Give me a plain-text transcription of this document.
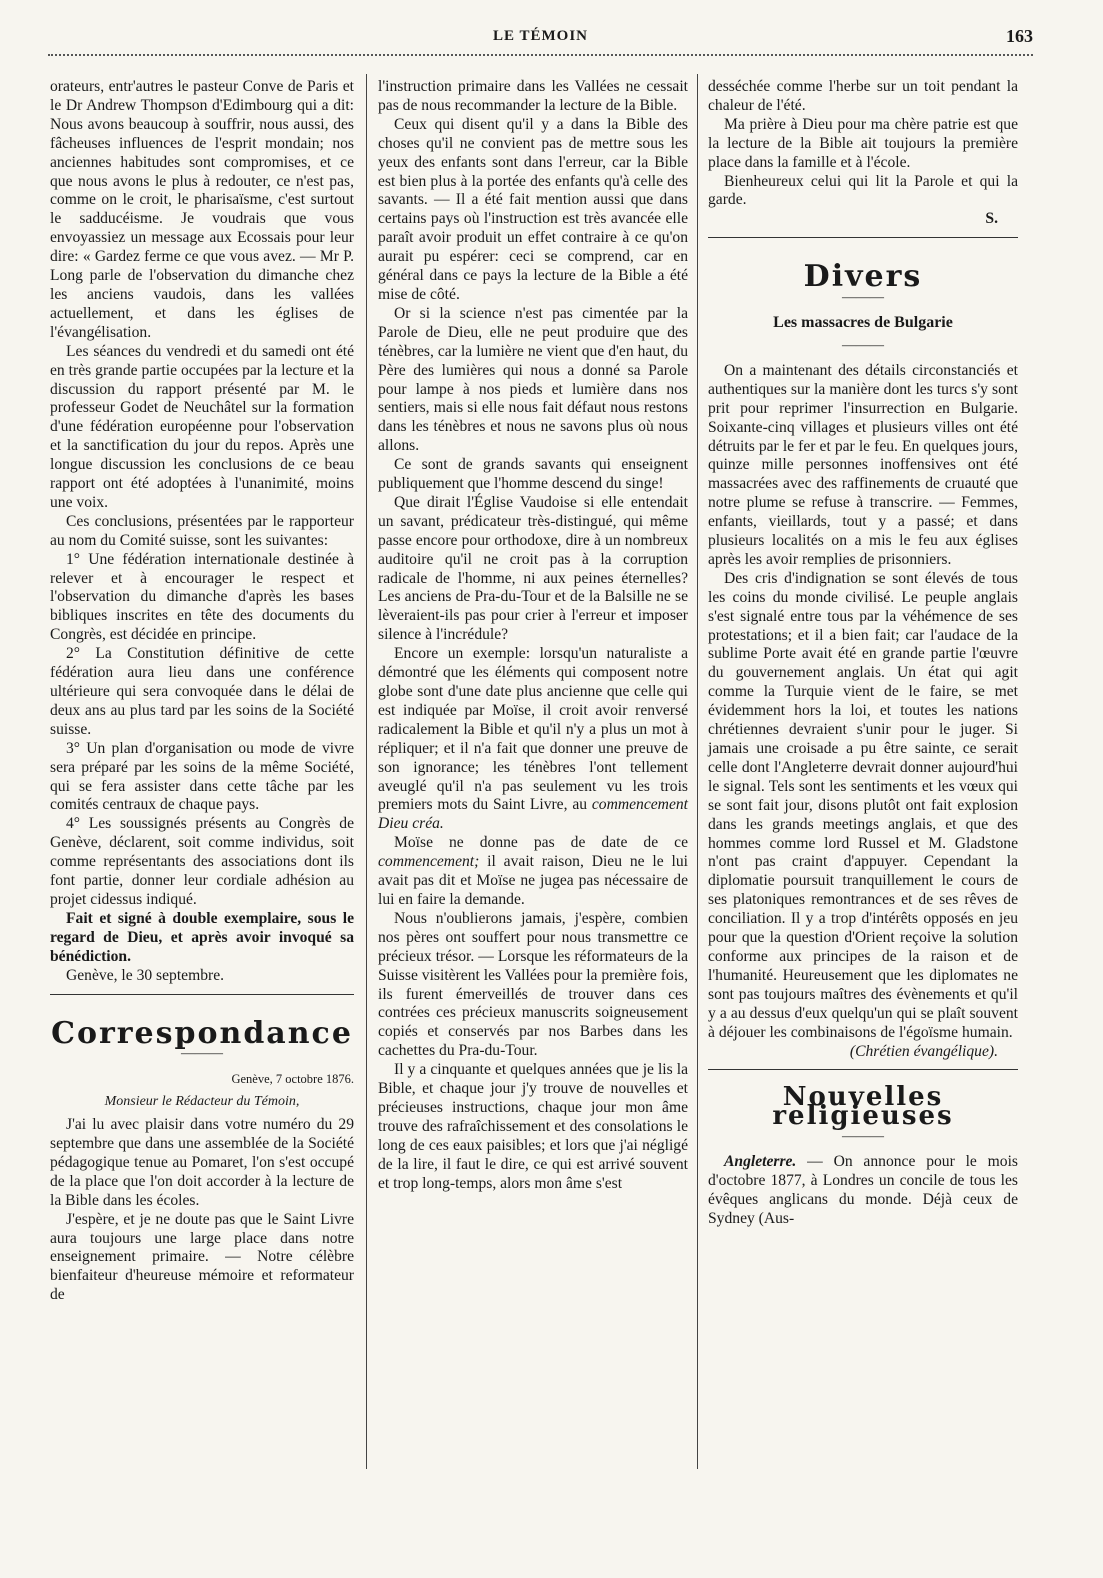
LE TÉMOIN	163

orateurs, entr'autres le pasteur Conve de Paris et le Dr Andrew Thompson d'Edimbourg qui a dit: Nous avons beaucoup à souffrir, nous aussi, des fâcheuses influences de l'esprit mondain; nos anciennes habitudes sont compromises, et ce que nous avons le plus à redouter, ce n'est pas, comme on le croit, le pharisaïsme, c'est surtout le sadducéisme. Je voudrais que vous envoyassiez un message aux Ecossais pour leur dire: « Gardez ferme ce que vous avez. — Mr P. Long parle de l'observation du dimanche chez les anciens vaudois, dans les vallées actuellement, et dans les églises de l'évangélisation.

Les séances du vendredi et du samedi ont été en très grande partie occupées par la lecture et la discussion du rapport présenté par M. le professeur Godet de Neuchâtel sur la formation d'une fédération européenne pour l'observation et la sanctification du jour du repos. Après une longue discussion les conclusions de ce beau rapport ont été adoptées à l'unanimité, moins une voix.

Ces conclusions, présentées par le rapporteur au nom du Comité suisse, sont les suivantes:

1° Une fédération internationale destinée à relever et à encourager le respect et l'observation du dimanche d'après les bases bibliques inscrites en tête des documents du Congrès, est décidée en principe.

2° La Constitution définitive de cette fédération aura lieu dans une conférence ultérieure qui sera convoquée dans le délai de deux ans au plus tard par les soins de la Société suisse.

3° Un plan d'organisation ou mode de vivre sera préparé par les soins de la même Société, qui se fera assister dans cette tâche par les comités centraux de chaque pays.

4° Les soussignés présents au Congrès de Genève, déclarent, soit comme individus, soit comme représentants des associations dont ils font partie, donner leur cordiale adhésion au projet cidessus indiqué.

Fait et signé à double exemplaire, sous le regard de Dieu, et après avoir invoqué sa bénédiction.

Genève, le 30 septembre.

Correspondance
———
Genève, 7 octobre 1876.
Monsieur le Rédacteur du Témoin,

J'ai lu avec plaisir dans votre numéro du 29 septembre que dans une assemblée de la Société pédagogique tenue au Pomaret, l'on s'est occupé de la place que l'on doit accorder à la lecture de la Bible dans les écoles.

J'espère, et je ne doute pas que le Saint Livre aura toujours une large place dans notre enseignement primaire. — Notre célèbre bienfaiteur d'heureuse mémoire et reformateur de

l'instruction primaire dans les Vallées ne cessait pas de nous recommander la lecture de la Bible.

Ceux qui disent qu'il y a dans la Bible des choses qu'il ne convient pas de mettre sous les yeux des enfants sont dans l'erreur, car la Bible est bien plus à la portée des enfants qu'à celle des savants. — Il a été fait mention aussi que dans certains pays où l'instruction est très avancée elle paraît avoir produit un effet contraire à ce qu'on aurait pu espérer: ceci se comprend, car en général dans ce pays la lecture de la Bible a été mise de côté.

Or si la science n'est pas cimentée par la Parole de Dieu, elle ne peut produire que des ténèbres, car la lumière ne vient que d'en haut, du Père des lumières qui nous a donné sa Parole pour lampe à nos pieds et lumière dans nos sentiers, mais si elle nous fait défaut nous restons dans les ténèbres et nous ne savons plus où nous allons.

Ce sont de grands savants qui enseignent publiquement que l'homme descend du singe!

Que dirait l'Église Vaudoise si elle entendait un savant, prédicateur très-distingué, qui même passe encore pour orthodoxe, dire à un nombreux auditoire qu'il ne croit pas à la corruption radicale de l'homme, ni aux peines éternelles? Les anciens de Pra-du-Tour et de la Balsille ne se lèveraient-ils pas pour crier à l'erreur et imposer silence à l'incrédule?

Encore un exemple: lorsqu'un naturaliste a démontré que les éléments qui composent notre globe sont d'une date plus ancienne que celle qui est indiquée par Moïse, il croit avoir renversé radicalement la Bible et qu'il n'y a plus un mot à répliquer; et il n'a fait que donner une preuve de son ignorance; les ténèbres l'ont tellement aveuglé qu'il n'a pas seulement vu les trois premiers mots du Saint Livre, au commencement Dieu créa.

Moïse ne donne pas de date de ce commencement; il avait raison, Dieu ne le lui avait pas dit et Moïse ne jugea pas nécessaire de lui en faire la demande.

Nous n'oublierons jamais, j'espère, combien nos pères ont souffert pour nous transmettre ce précieux trésor. — Lorsque les réformateurs de la Suisse visitèrent les Vallées pour la première fois, ils furent émerveillés de trouver dans ces contrées ces précieux manuscrits soigneusement copiés et conservés par nos Barbes dans les cachettes du Pra-du-Tour.

Il y a cinquante et quelques années que je lis la Bible, et chaque jour j'y trouve de nouvelles et précieuses instructions, chaque jour mon âme trouve des rafraîchissement et des consolations le long de ces eaux paisibles; et lors que j'ai négligé de la lire, il faut le dire, ce qui est arrivé souvent et trop long-temps, alors mon âme s'est

desséchée comme l'herbe sur un toit pendant la chaleur de l'été.

Ma prière à Dieu pour ma chère patrie est que la lecture de la Bible ait toujours la première place dans la famille et à l'école.

Bienheureux celui qui lit la Parole et qui la garde.

S.
Divers
———
Les massacres de Bulgarie
———

On a maintenant des détails circonstanciés et authentiques sur la manière dont les turcs s'y sont prit pour reprimer l'insurrection en Bulgarie. Soixante-cinq villages et plusieurs villes ont été détruits par le fer et par le feu. En quelques jours, quinze mille personnes inoffensives ont été massacrées avec des raffinements de cruauté que notre plume se refuse à transcrire. — Femmes, enfants, vieillards, tout y a passé; et dans plusieurs localités on a mis le feu aux églises après les avoir remplies de prisonniers.

Des cris d'indignation se sont élevés de tous les coins du monde civilisé. Le peuple anglais s'est signalé entre tous par la véhémence de ses protestations; et il a bien fait; car l'audace de la sublime Porte avait été en grande partie l'œuvre du gouvernement anglais. Un état qui agit comme la Turquie vient de le faire, se met évidemment hors la loi, et toutes les nations chrétiennes devraient s'unir pour le juger. Si jamais une croisade a pu être sainte, ce serait celle dont l'Angleterre devrait donner aujourd'hui le signal. Tels sont les sentiments et les vœux qui se sont fait jour, disons plutôt ont fait explosion dans les grands meetings anglais, et que des hommes comme lord Russel et M. Gladstone n'ont pas craint d'appuyer. Cependant la diplomatie poursuit tranquillement le cours de ses platoniques remontrances et de ses rêves de conciliation. Il y a trop d'intérêts opposés en jeu pour que la question d'Orient reçoive la solution conforme aux principes de la raison et de l'humanité. Heureusement que les diplomates ne sont pas toujours maîtres des évènements et qu'il y a au dessus d'eux quelqu'un qui se plaît souvent à déjouer les combinaisons de l'égoïsme humain.

(Chrétien évangélique).
Nouvelles religieuses
———

Angleterre. — On annonce pour le mois d'octobre 1877, à Londres un concile de tous les évêques anglicans du monde. Déjà ceux de Sydney (Aus-
